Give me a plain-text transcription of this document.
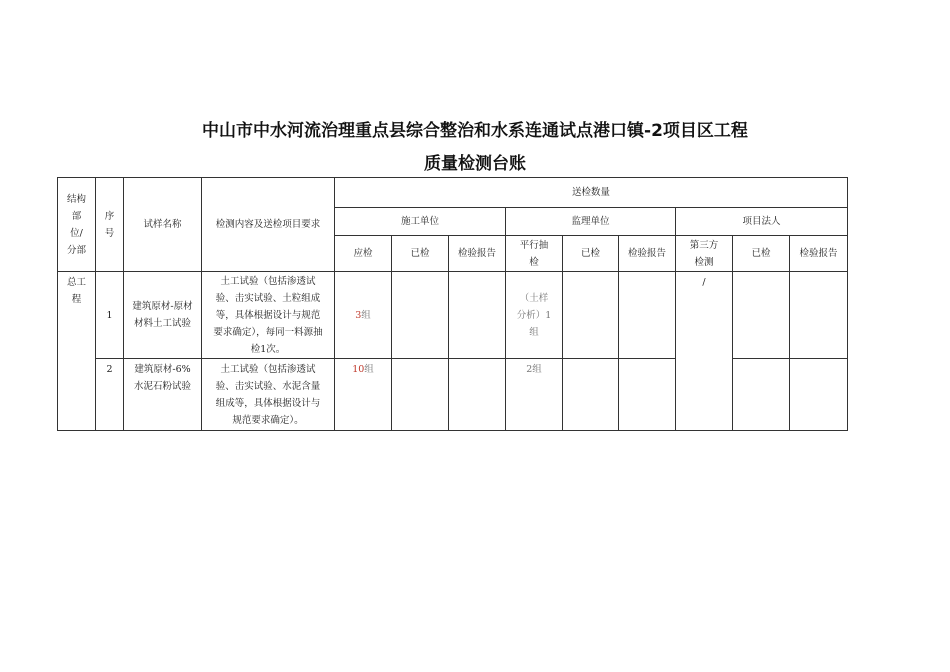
中山市中水河流治理重点县综合整治和水系连通试点港口镇-2项目区工程
质量检测台账
结构部位/分部	序号	试样名称	检测内容及送检项目要求	送检数量								
				施工单位			监理单位			项目法人		
				应检	已检	检验报告	平行抽检	已检	检验报告	第三方检测	已检	检验报告
总工程	1	建筑原材-原材材料土工试验	土工试验（包括渗透试验、击实试验、土粒组成等，具体根据设计与规范要求确定），每同一料源抽检1次。	3组			（土样分析）1组			/		
	2	建筑原材-6%水泥石粉试验	土工试验（包括渗透试验、击实试验、水泥含量组成等，具体根据设计与规范要求确定）。	10组			2组					
